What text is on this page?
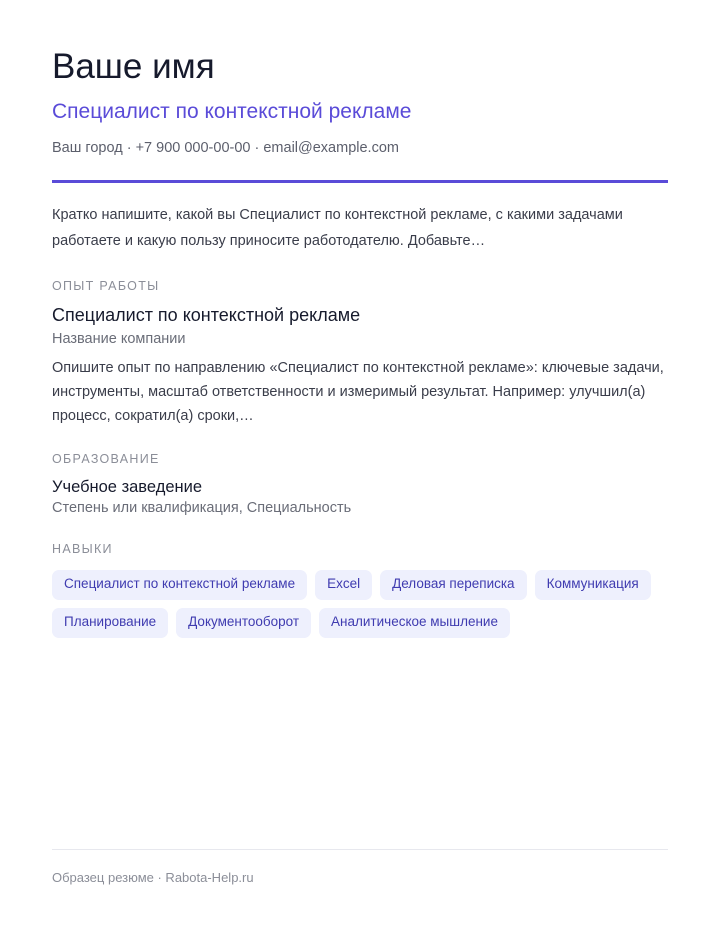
Ваше имя
Специалист по контекстной рекламе
Ваш город · +7 900 000-00-00 · email@example.com

Кратко напишите, какой вы Специалист по контекстной рекламе, с какими задачами работаете и какую пользу приносите работодателю. Добавьте…

ОПЫТ РАБОТЫ
Специалист по контекстной рекламе
Название компании

Опишите опыт по направлению «Специалист по контекстной рекламе»: ключевые задачи, инструменты, масштаб ответственности и измеримый результат. Например: улучшил(а) процесс, сократил(а) сроки,…

ОБРАЗОВАНИЕ
Учебное заведение
Степень или квалификация, Специальность
НАВЫКИ
Специалист по контекстной рекламе	Excel	Деловая переписка	Коммуникация
Планирование	Документооборот	Аналитическое мышление
Образец резюме · Rabota-Help.ru
